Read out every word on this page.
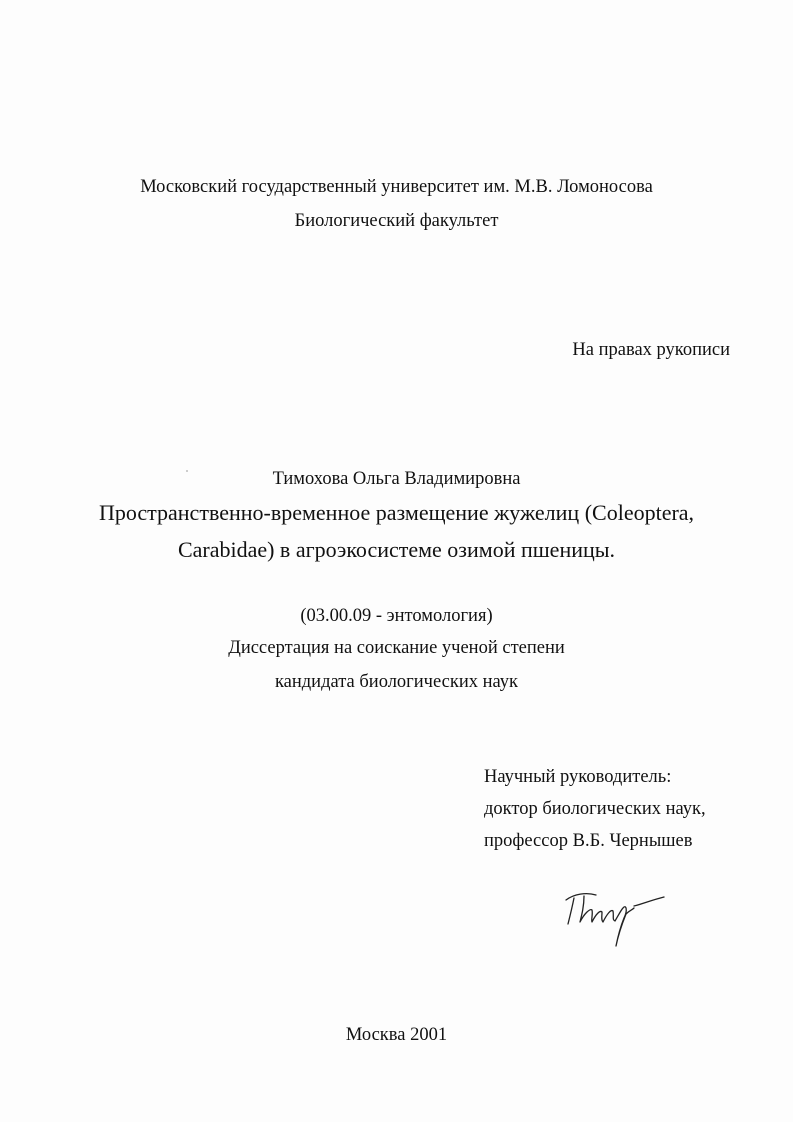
Московский государственный университет им. М.В. Ломоносова
Биологический факультет
На правах рукописи
Тимохова Ольга Владимировна
Пространственно-временное размещение жужелиц (Coleoptera,
Carabidae) в агроэкосистеме озимой пшеницы.
(03.00.09 - энтомология)
Диссертация на соискание ученой степени
кандидата биологических наук
Научный руководитель:
доктор биологических наук,
профессор В.Б. Чернышев
Москва 2001
